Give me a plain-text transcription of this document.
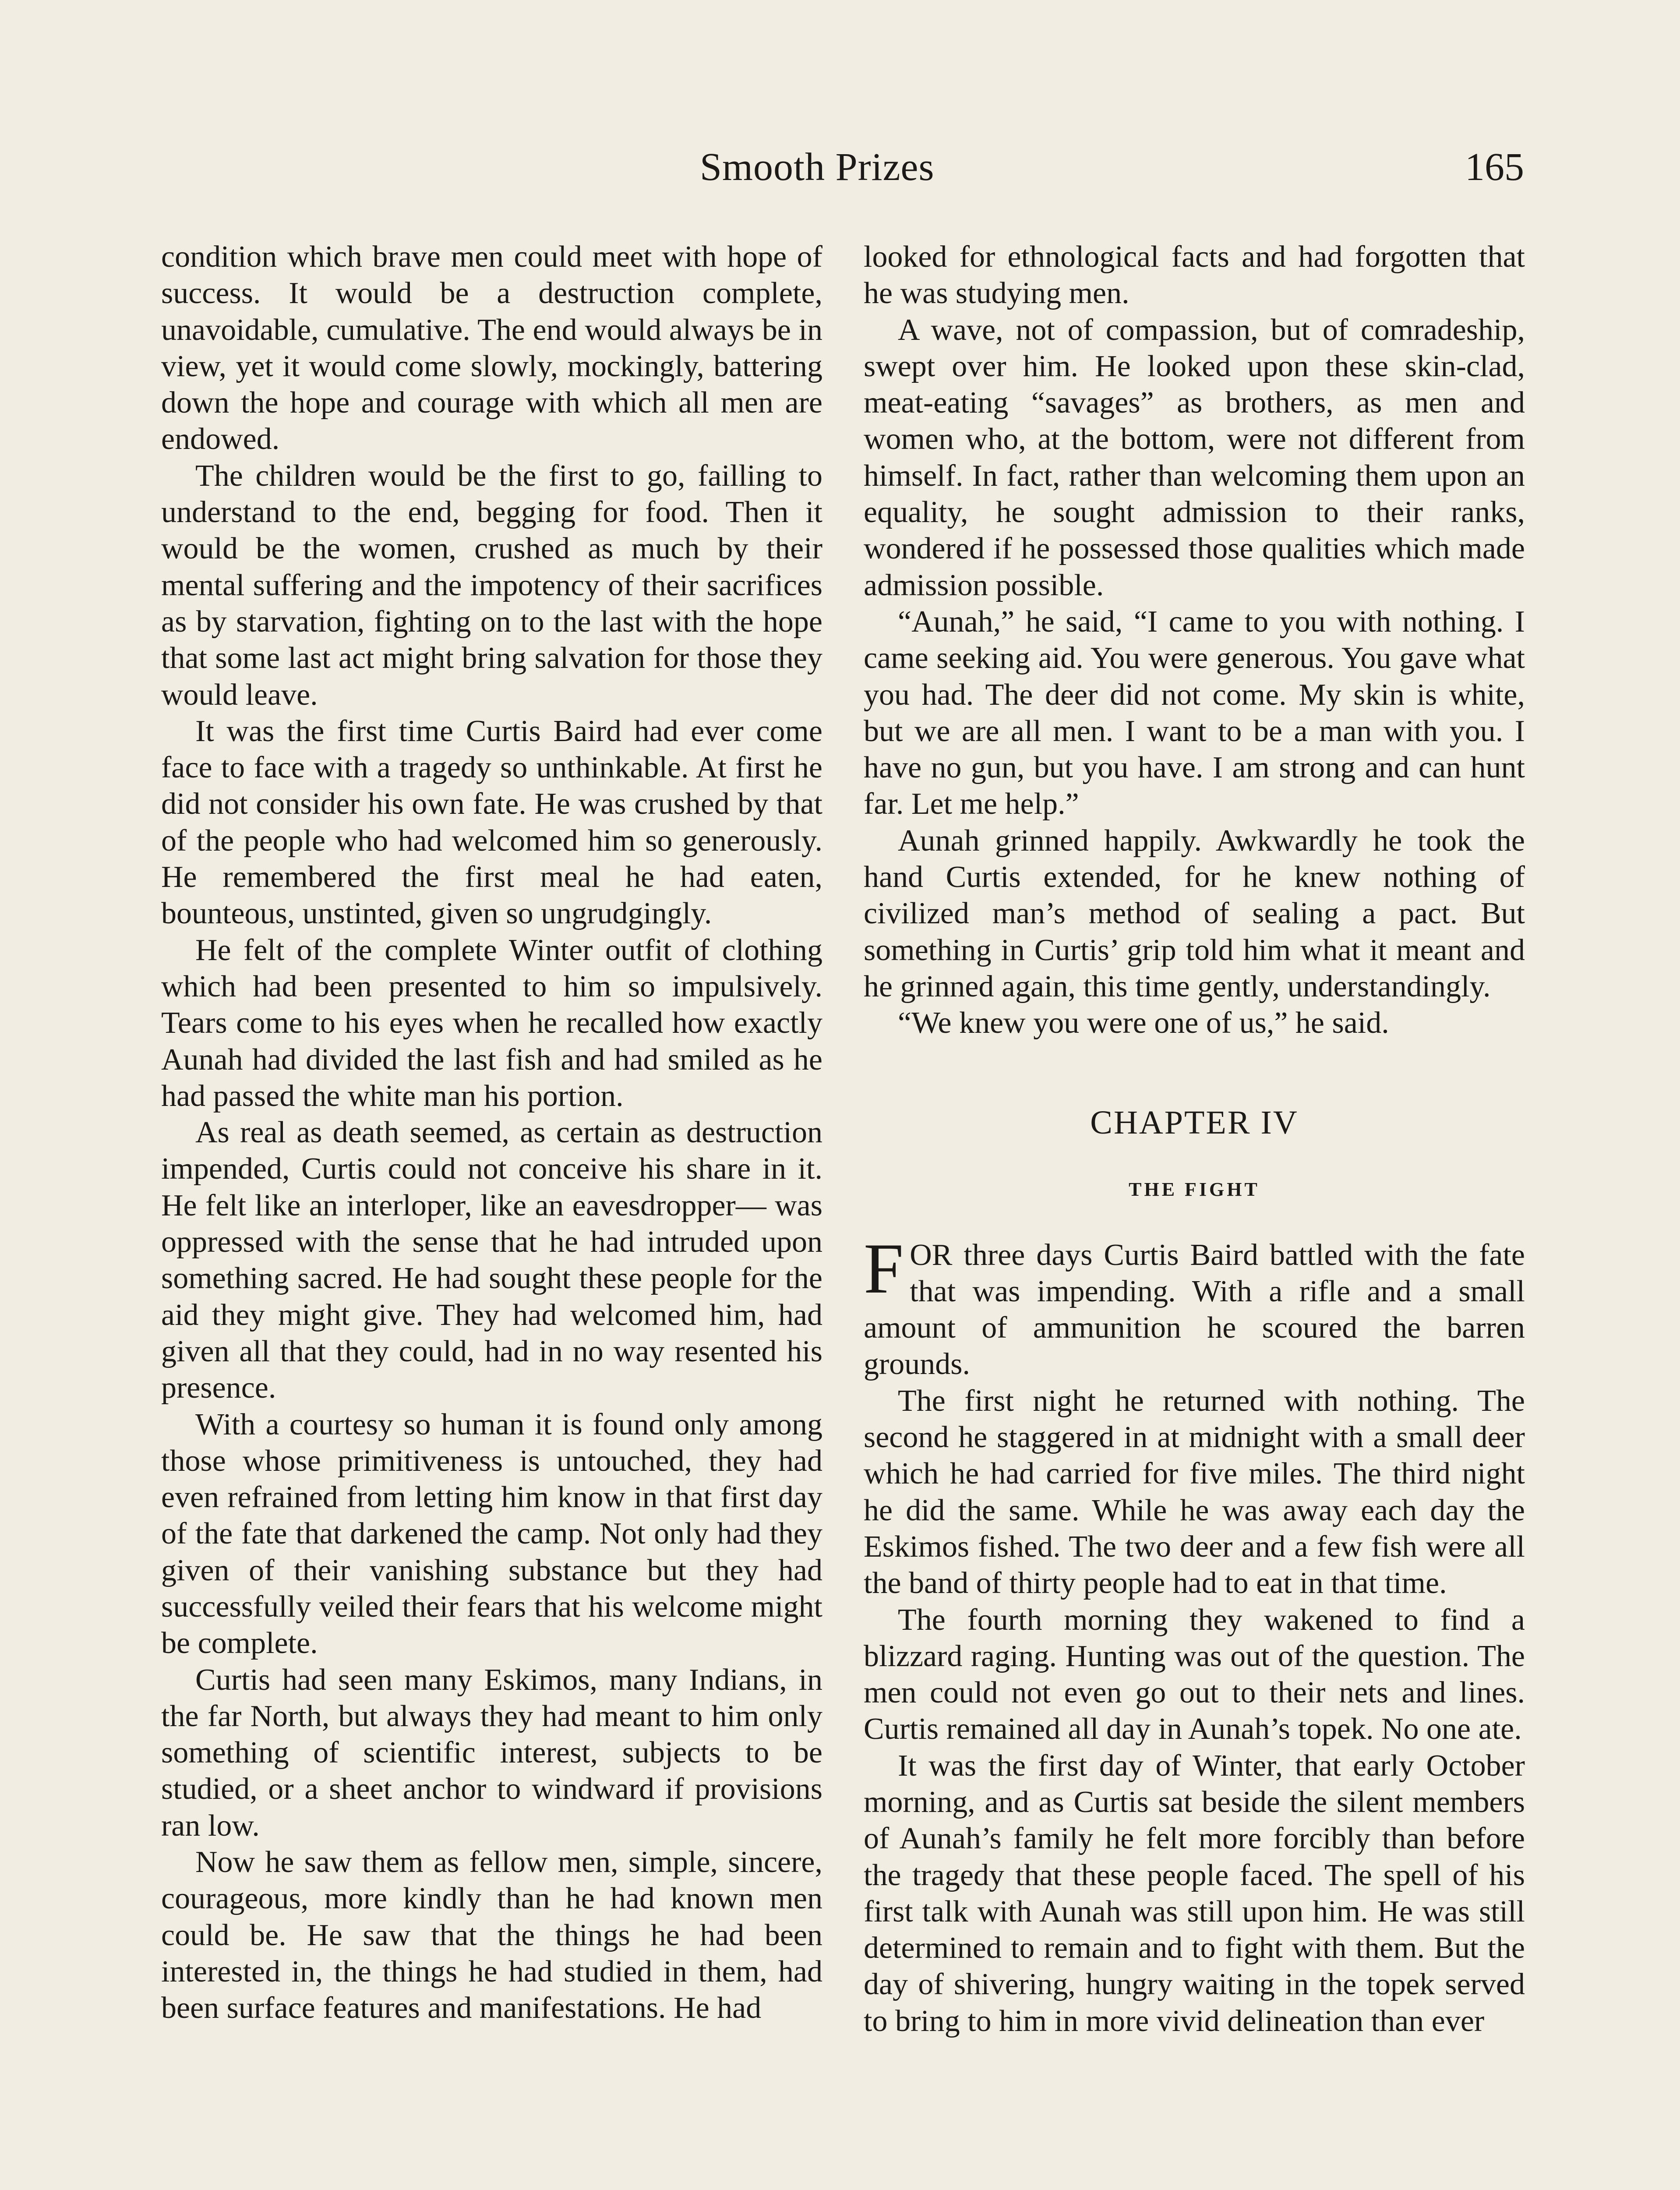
Smooth Prizes	165

condition which brave men could meet with hope of success. It would be a destruction complete, unavoidable, cumulative. The end would always be in view, yet it would come slowly, mockingly, battering down the hope and courage with which all men are endowed.

The children would be the first to go, failling to understand to the end, begging for food. Then it would be the women, crushed as much by their mental suffering and the impotency of their sacrifices as by starvation, fighting on to the last with the hope that some last act might bring salvation for those they would leave.

It was the first time Curtis Baird had ever come face to face with a tragedy so unthinkable. At first he did not consider his own fate. He was crushed by that of the people who had welcomed him so generously. He remembered the first meal he had eaten, bounteous, unstinted, given so ungrudgingly.

He felt of the complete Winter outfit of clothing which had been presented to him so impulsively. Tears come to his eyes when he recalled how exactly Aunah had divided the last fish and had smiled as he had passed the white man his portion.

As real as death seemed, as certain as destruction impended, Curtis could not conceive his share in it. He felt like an interloper, like an eavesdropper— was oppressed with the sense that he had intruded upon something sacred. He had sought these people for the aid they might give. They had welcomed him, had given all that they could, had in no way resented his presence.

With a courtesy so human it is found only among those whose primitiveness is untouched, they had even refrained from letting him know in that first day of the fate that darkened the camp. Not only had they given of their vanishing substance but they had successfully veiled their fears that his welcome might be complete.

Curtis had seen many Eskimos, many Indians, in the far North, but always they had meant to him only something of scientific interest, subjects to be studied, or a sheet anchor to windward if provisions ran low.

Now he saw them as fellow men, simple, sincere, courageous, more kindly than he had known men could be. He saw that the things he had been interested in, the things he had studied in them, had been surface features and manifestations. He had

looked for ethnological facts and had forgotten that he was studying men.

A wave, not of compassion, but of comradeship, swept over him. He looked upon these skin-clad, meat-eating “savages” as brothers, as men and women who, at the bottom, were not different from himself. In fact, rather than welcoming them upon an equality, he sought admission to their ranks, wondered if he possessed those qualities which made admission possible.

“Aunah,” he said, “I came to you with nothing. I came seeking aid. You were generous. You gave what you had. The deer did not come. My skin is white, but we are all men. I want to be a man with you. I have no gun, but you have. I am strong and can hunt far. Let me help.”

Aunah grinned happily. Awkwardly he took the hand Curtis extended, for he knew nothing of civilized man’s method of sealing a pact. But something in Curtis’ grip told him what it meant and he grinned again, this time gently, understandingly.

“We knew you were one of us,” he said.

CHAPTER IV
THE FIGHT

FOR three days Curtis Baird battled with the fate that was impending. With a rifle and a small amount of ammunition he scoured the barren grounds.

The first night he returned with nothing. The second he staggered in at midnight with a small deer which he had carried for five miles. The third night he did the same. While he was away each day the Eskimos fished. The two deer and a few fish were all the band of thirty people had to eat in that time.

The fourth morning they wakened to find a blizzard raging. Hunting was out of the question. The men could not even go out to their nets and lines. Curtis remained all day in Aunah’s topek. No one ate.

It was the first day of Winter, that early October morning, and as Curtis sat beside the silent members of Aunah’s family he felt more forcibly than before the tragedy that these people faced. The spell of his first talk with Aunah was still upon him. He was still determined to remain and to fight with them. But the day of shivering, hungry waiting in the topek served to bring to him in more vivid delineation than ever
